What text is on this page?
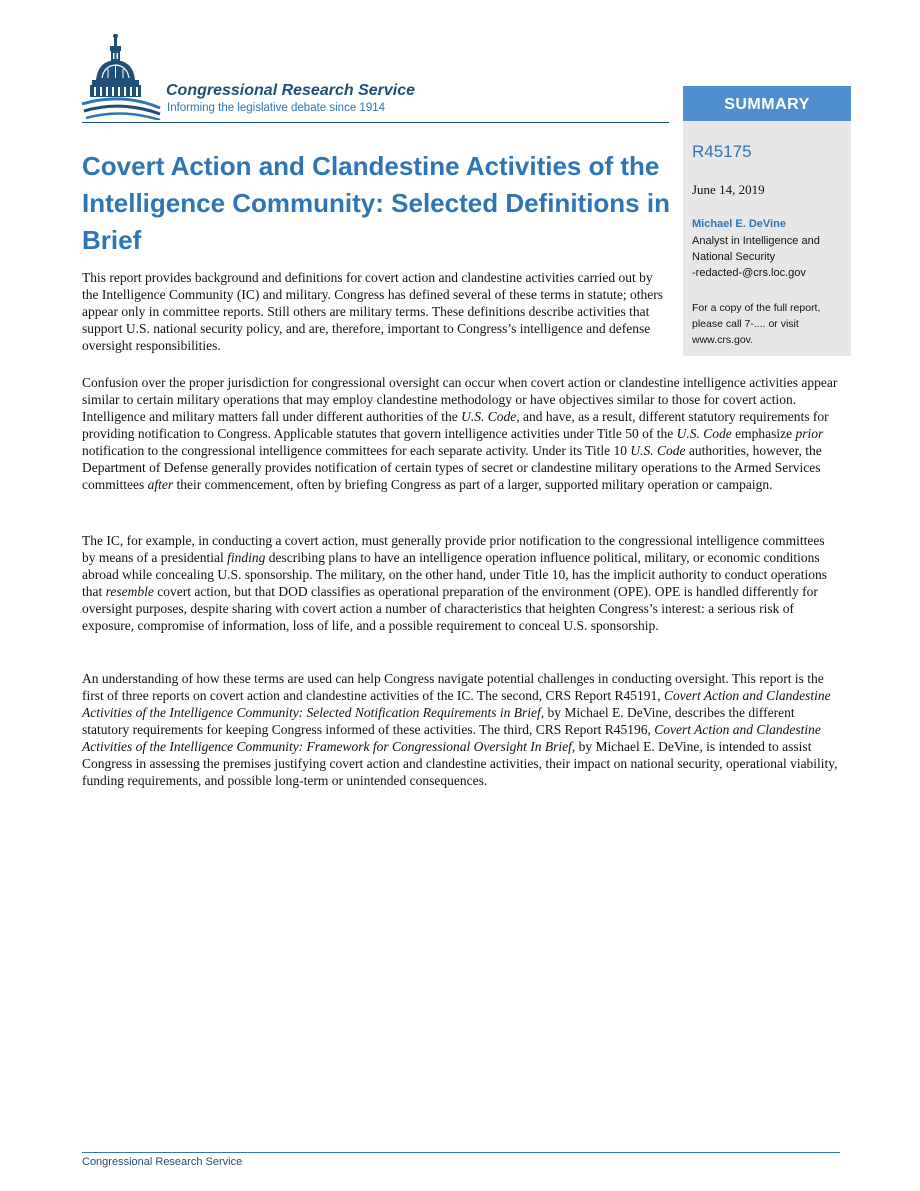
Congressional Research Service
Informing the legislative debate since 1914	SUMMARY
R45175
June 14, 2019
Michael E. DeVine
Analyst in Intelligence and
National Security
-redacted-@crs.loc.gov
For a copy of the full report,
please call 7-.... or visit
www.crs.gov.
Covert Action and Clandestine Activities of the Intelligence Community: Selected Definitions in Brief

This report provides background and definitions for covert action and clandestine activities carried out by the Intelligence Community (IC) and military. Congress has defined several of these terms in statute; others appear only in committee reports. Still others are military terms. These definitions describe activities that support U.S. national security policy, and are, therefore, important to Congress’s intelligence and defense oversight responsibilities.

Confusion over the proper jurisdiction for congressional oversight can occur when covert action or clandestine intelligence activities appear similar to certain military operations that may employ clandestine methodology or have objectives similar to those for covert action. Intelligence and military matters fall under different authorities of the U.S. Code, and have, as a result, different statutory requirements for providing notification to Congress. Applicable statutes that govern intelligence activities under Title 50 of the U.S. Code emphasize prior notification to the congressional intelligence committees for each separate activity. Under its Title 10 U.S. Code authorities, however, the Department of Defense generally provides notification of certain types of secret or clandestine military operations to the Armed Services committees after their commencement, often by briefing Congress as part of a larger, supported military operation or campaign.

The IC, for example, in conducting a covert action, must generally provide prior notification to the congressional intelligence committees by means of a presidential finding describing plans to have an intelligence operation influence political, military, or economic conditions abroad while concealing U.S. sponsorship. The military, on the other hand, under Title 10, has the implicit authority to conduct operations that resemble covert action, but that DOD classifies as operational preparation of the environment (OPE). OPE is handled differently for oversight purposes, despite sharing with covert action a number of characteristics that heighten Congress’s interest: a serious risk of exposure, compromise of information, loss of life, and a possible requirement to conceal U.S. sponsorship.

An understanding of how these terms are used can help Congress navigate potential challenges in conducting oversight. This report is the first of three reports on covert action and clandestine activities of the IC. The second, CRS Report R45191, Covert Action and Clandestine Activities of the Intelligence Community: Selected Notification Requirements in Brief, by Michael E. DeVine, describes the different statutory requirements for keeping Congress informed of these activities. The third, CRS Report R45196, Covert Action and Clandestine Activities of the Intelligence Community: Framework for Congressional Oversight In Brief, by Michael E. DeVine, is intended to assist Congress in assessing the premises justifying covert action and clandestine activities, their impact on national security, operational viability, funding requirements, and possible long-term or unintended consequences.

Congressional Research Service
